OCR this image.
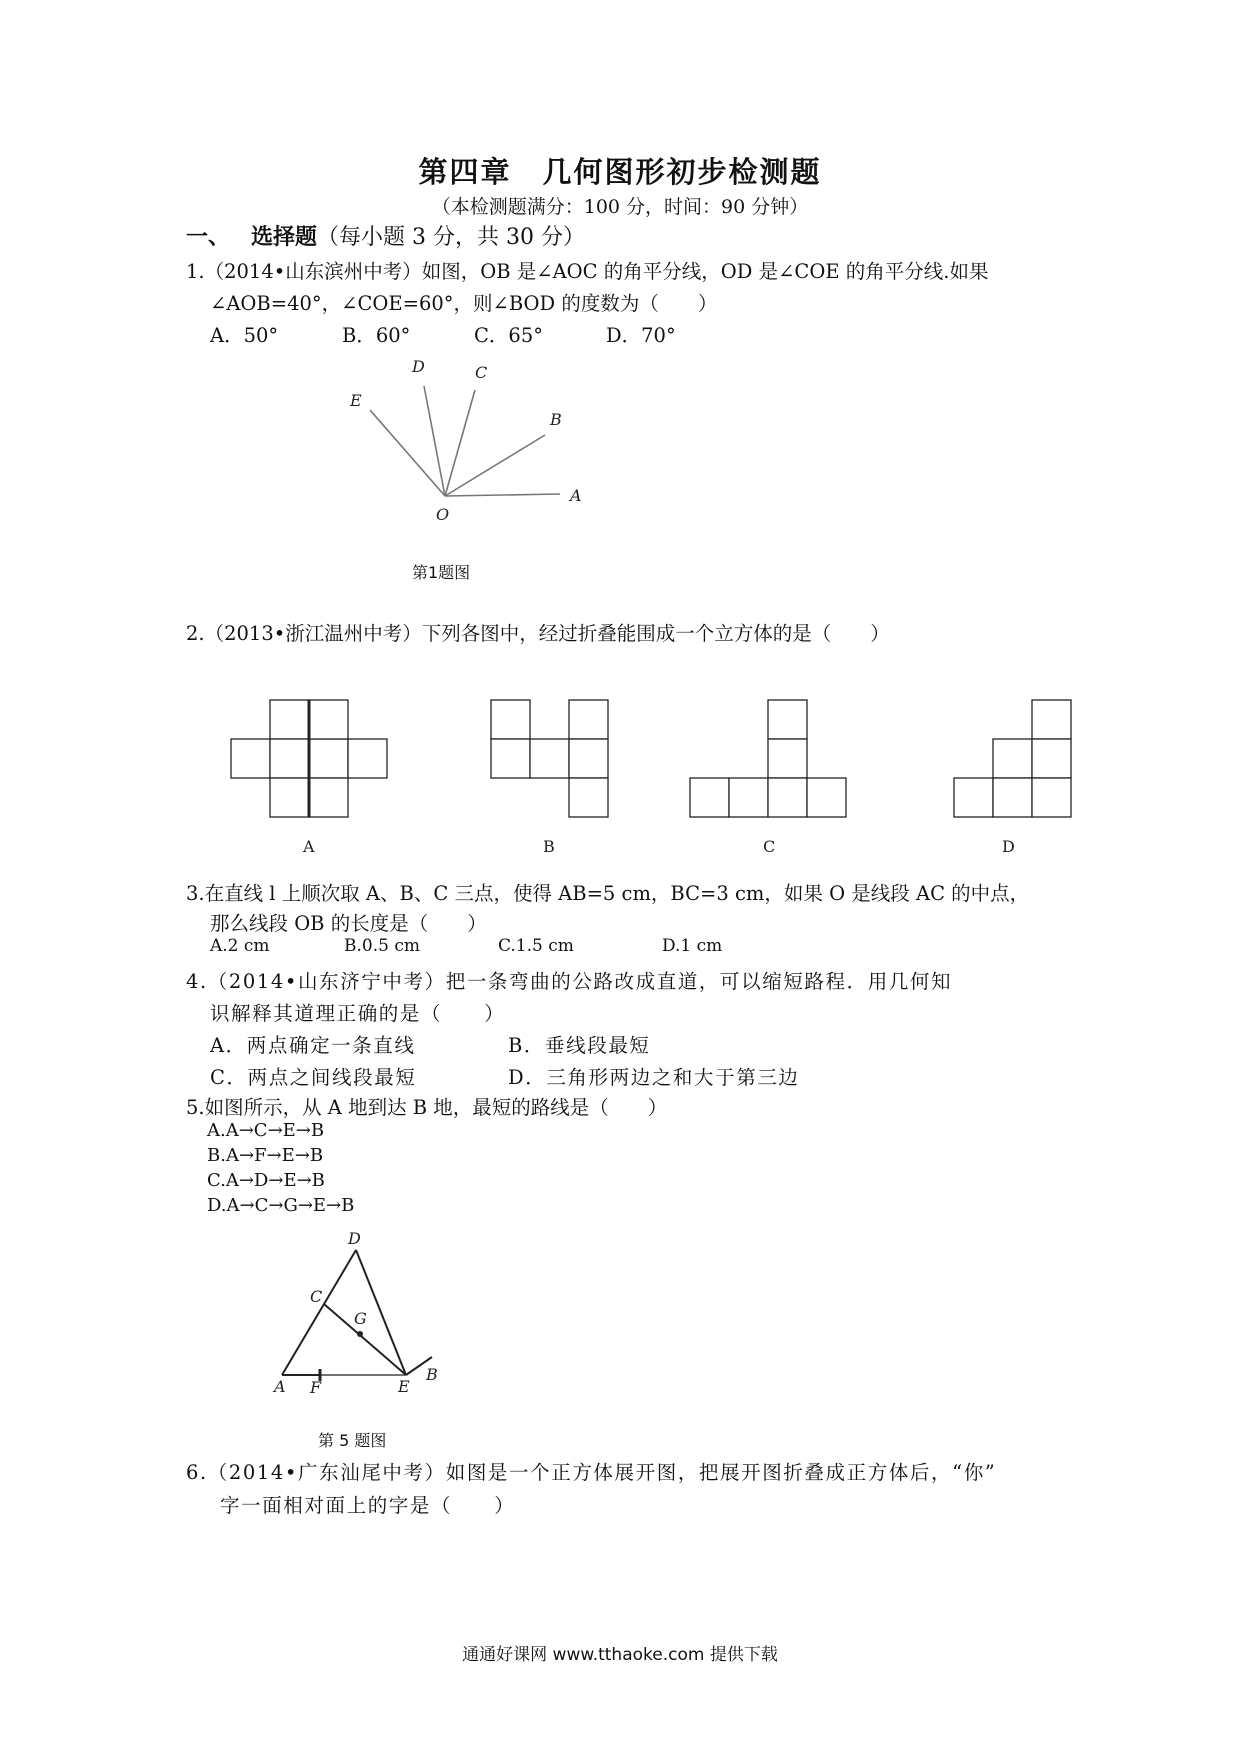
第四章　几何图形初步检测题
（本检测题满分：100 分，时间：90 分钟）
一、 选择题（每小题 3 分，共 30 分）
1.（2014•山东滨州中考）如图，OB 是∠AOC 的角平分线，OD 是∠COE 的角平分线.如果
∠AOB=40°，∠COE=60°，则∠BOD 的度数为（　　）
A．50°	B．60°	C．65°	D．70°
D	C
E
B
A
O
第1题图
2.（2013•浙江温州中考）下列各图中，经过折叠能围成一个立方体的是（　　）
A	B	C	D
3.在直线 l 上顺次取 A、B、C 三点，使得 AB=5 cm，BC=3 cm，如果 O 是线段 AC 的中点，
那么线段 OB 的长度是（　　）
A.2 cm	B.0.5 cm	C.1.5 cm	D.1 cm
4.（2014•山东济宁中考）把一条弯曲的公路改成直道，可以缩短路程．用几何知
识解释其道理正确的是（　　）
A．两点确定一条直线	B．垂线段最短
C．两点之间线段最短	D．三角形两边之和大于第三边
5.如图所示，从 A 地到达 B 地，最短的路线是（　　）
A.A→C→E→B
B.A→F→E→B
C.A→D→E→B
D.A→C→G→E→B
D
C
G
A F	E
B
第 5 题图
6.（2014•广东汕尾中考）如图是一个正方体展开图，把展开图折叠成正方体后，“你”
字一面相对面上的字是（　　）
通通好课网 www.tthaoke.com 提供下载
